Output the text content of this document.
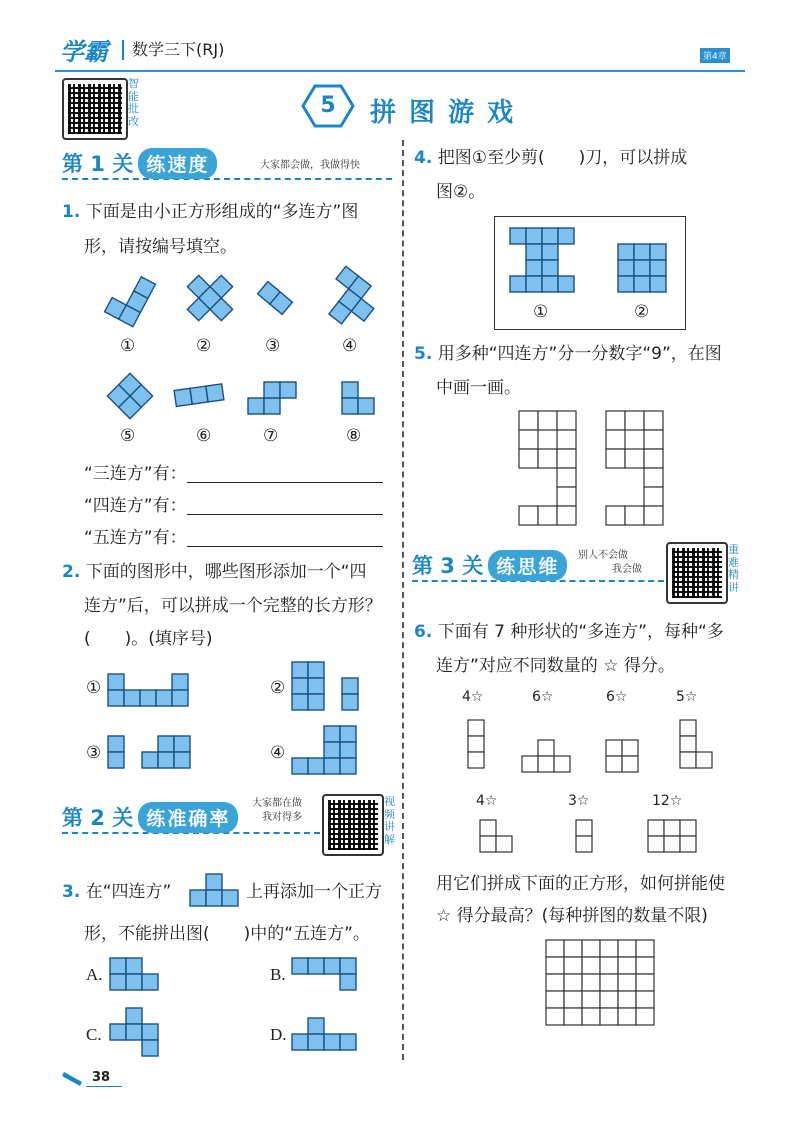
学霸 数学三下(RJ)	第4章
智能批改
5	拼 图 游 戏
第 1 关 练速度	大家都会做，我做得快
1. 下面是由小正方形组成的“多连方”图
形，请按编号填空。
①	②	③	④
⑤	⑥	⑦	⑧
“三连方”有：
“四连方”有：
“五连方”有：
2. 下面的图形中，哪些图形添加一个“四
连方”后，可以拼成一个完整的长方形？
(　　)。(填序号)
①	②
③	④
第 2 关 练准确率
大家都在做
我对得多
视频讲解
3. 在“四连方”	上再添加一个正方
形，不能拼出图(　　)中的“五连方”。
A.	B.
C.	D.
38
4. 把图①至少剪(　　)刀，可以拼成
图②。
①	②
5. 用多种“四连方”分一分数字“9”，在图
中画一画。
第 3 关 练思维
别人不会做
我会做
重难精讲
6. 下面有 7 种形状的“多连方”，每种“多
连方”对应不同数量的 ☆ 得分。
4☆	6☆	6☆	5☆
4☆	3☆	12☆
用它们拼成下面的正方形，如何拼能使
☆ 得分最高？(每种拼图的数量不限)
